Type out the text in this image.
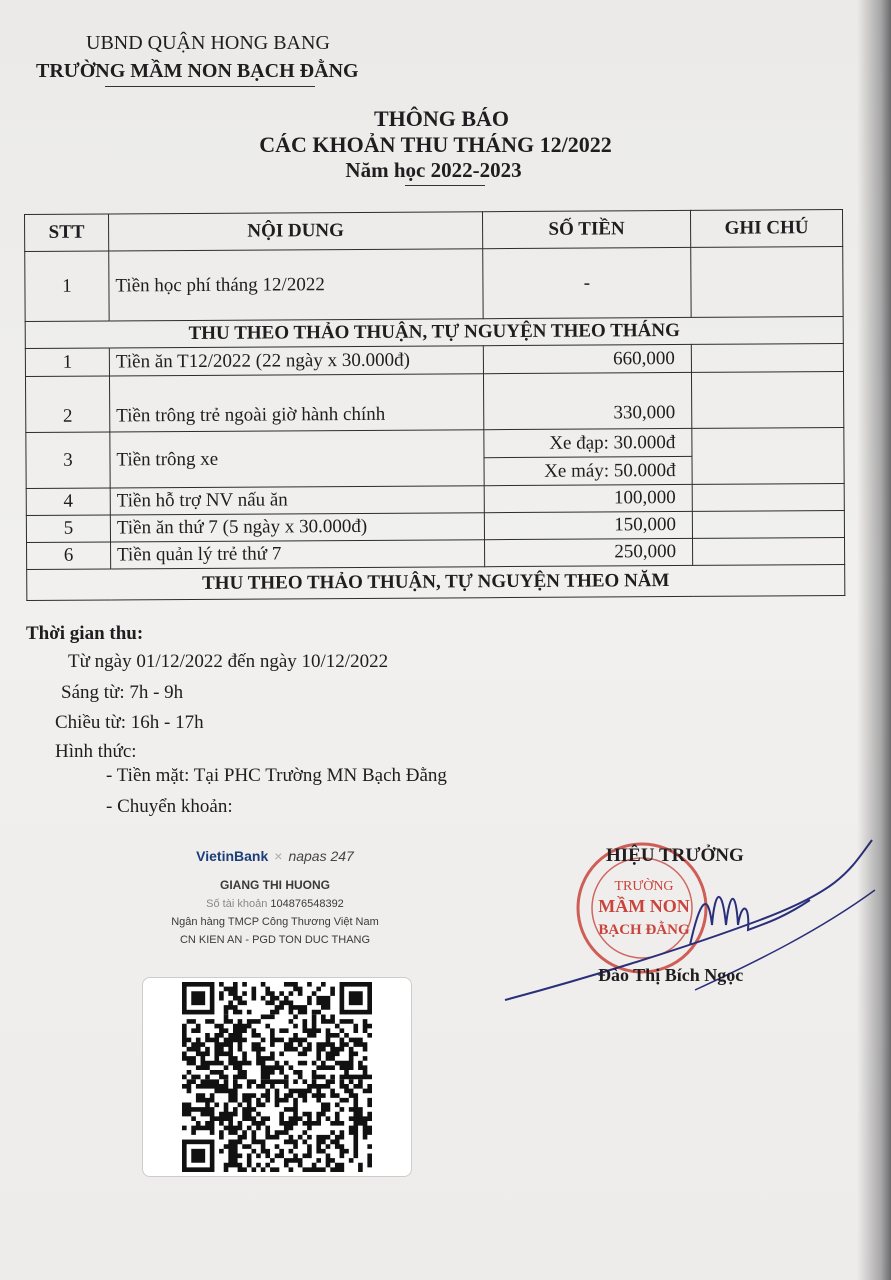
UBND QUẬN HONG BANG
TRƯỜNG MẦM NON BẠCH ĐẰNG
THÔNG BÁO
CÁC KHOẢN THU THÁNG 12/2022
Năm học 2022-2023
STT	NỘI DUNG	SỐ TIỀN	GHI CHÚ
1	Tiền học phí tháng 12/2022	-	
THU THEO THẢO THUẬN, TỰ NGUYỆN THEO THÁNG			
1	Tiền ăn T12/2022 (22 ngày x 30.000đ)	660,000	
2	Tiền trông trẻ ngoài giờ hành chính	330,000	
3	Tiền trông xe	Xe đạp: 30.000đ	
		Xe máy: 50.000đ	
4	Tiền hỗ trợ NV nấu ăn	100,000	
5	Tiền ăn thứ 7 (5 ngày x 30.000đ)	150,000	
6	Tiền quản lý trẻ thứ 7	250,000	
THU THEO THẢO THUẬN, TỰ NGUYỆN THEO NĂM			
Thời gian thu:
Từ ngày 01/12/2022 đến ngày 10/12/2022
Sáng từ: 7h - 9h
Chiều từ: 16h - 17h
Hình thức:
- Tiền mặt: Tại PHC Trường MN Bạch Đằng
- Chuyển khoản:
VietinBank × napas 247
GIANG THI HUONG
Số tài khoản 104876548392
Ngân hàng TMCP Công Thương Việt Nam
CN KIEN AN - PGD TON DUC THANG
TRƯỜNG
MẦM NON
BẠCH ĐẰNG
HIỆU TRƯỞNG
Đào Thị Bích Ngọc
